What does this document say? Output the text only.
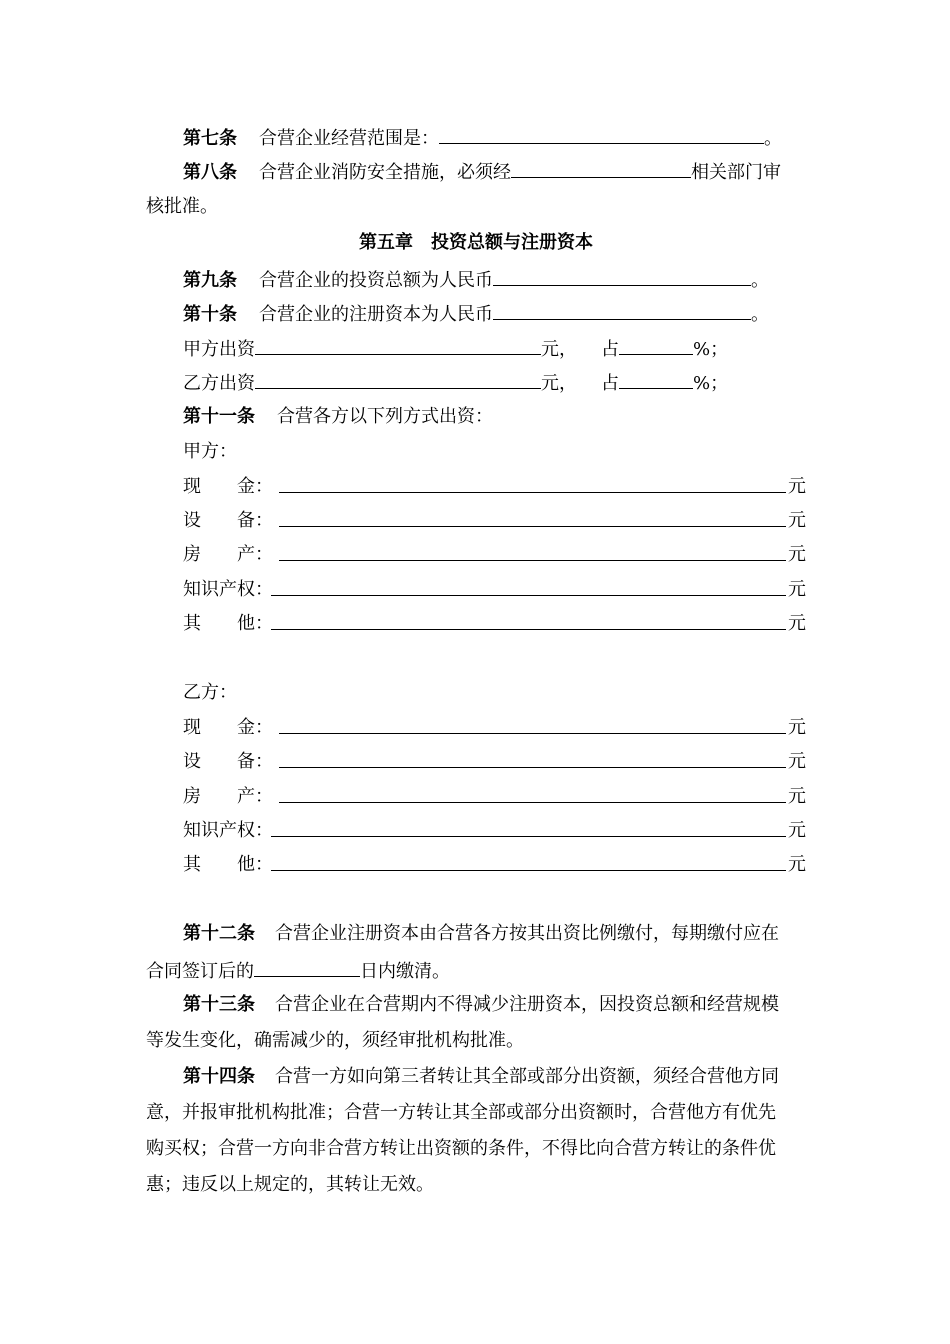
第七条 合营企业经营范围是：	。
第八条 合营企业消防安全措施，必须经	相关部门审
核批准。
第五章　投资总额与注册资本
第九条 合营企业的投资总额为人民币	。
第十条 合营企业的注册资本为人民币	。
甲方出资	元， 占	%；
乙方出资	元， 占	%；
第十一条 合营各方以下列方式出资：
甲方：
现　　金：	元
设　　备：	元
房　　产：	元
知识产权：	元
其　　他：	元
乙方：
现　　金：	元
设　　备：	元
房　　产：	元
知识产权：	元
其　　他：	元
第十二条 合营企业注册资本由合营各方按其出资比例缴付，每期缴付应在
合同签订后的	日内缴清。
第十三条 合营企业在合营期内不得减少注册资本，因投资总额和经营规模
等发生变化，确需减少的，须经审批机构批准。
第十四条 合营一方如向第三者转让其全部或部分出资额，须经合营他方同
意，并报审批机构批准；合营一方转让其全部或部分出资额时，合营他方有优先
购买权；合营一方向非合营方转让出资额的条件，不得比向合营方转让的条件优
惠；违反以上规定的，其转让无效。
